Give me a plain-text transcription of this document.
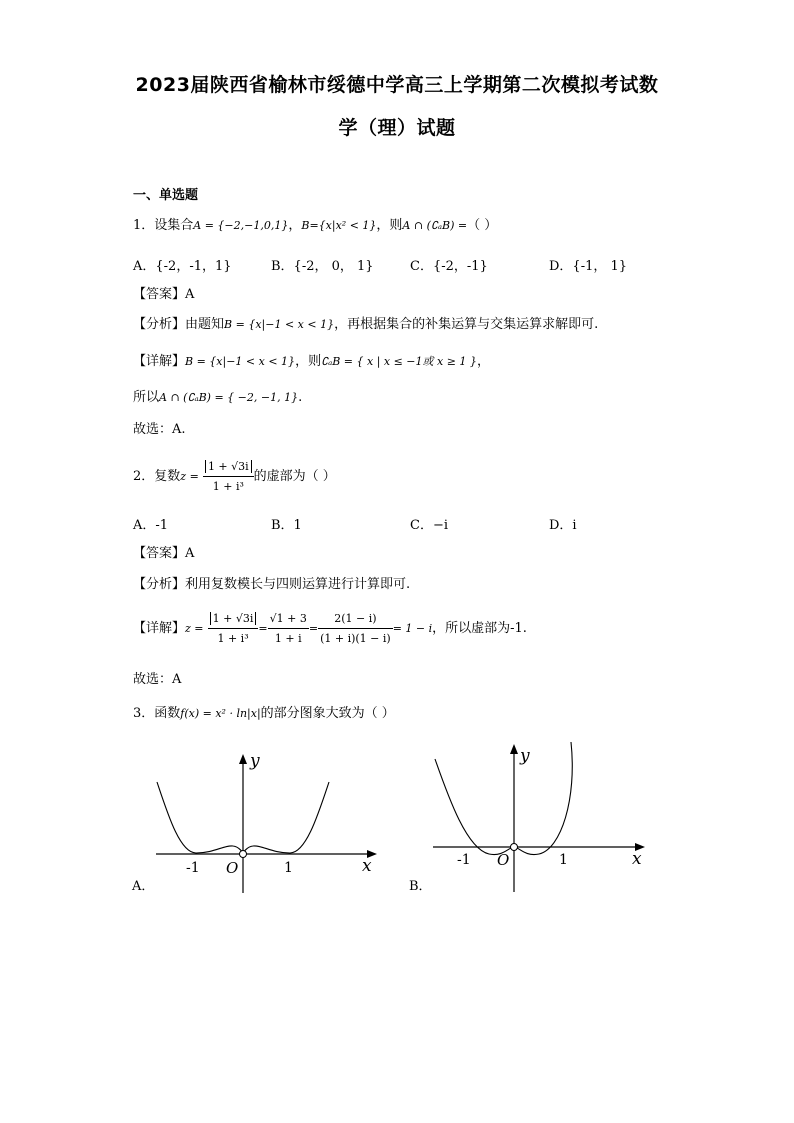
2023届陕西省榆林市绥德中学高三上学期第二次模拟考试数
学（理）试题
一、单选题
1．设集合A = {−2,−1,0,1}，B={x|x² < 1}，则A ∩ (∁ₐB) =（ ）
A．{-2，-1，1}	B．{-2， 0， 1}	C．{-2，-1}	D．{-1， 1}
【答案】A
【分析】由题知B = {x|−1 < x < 1}，再根据集合的补集运算与交集运算求解即可.
【详解】B = {x|−1 < x < 1}，则∁ₐB = { x | x ≤ −1或 x ≥ 1 }，
所以A ∩ (∁ₐB) = { −2, −1, 1}.
故选：A.
2．复数$z = \frac{1 + √3i}{\text{1 + i³}}$ 的虚部为（ ）
A．-1	B．1	C．−i	D．i
【答案】A
【分析】利用复数模长与四则运算进行计算即可.
【详解】$z = \frac{1 + √3i}{\text{1 + i³}} = \frac{√1 + 3}{1 + i} = \frac{2(1 - i)}{(1 + i)(1 - i)} = 1 - i$，所以虚部为-1.
故选：A
3．函数f(x) = x² · ln|x|的部分图象大致为（ ）
y
x
O
-1	1
A．
y
x
O
-1	1
B．
